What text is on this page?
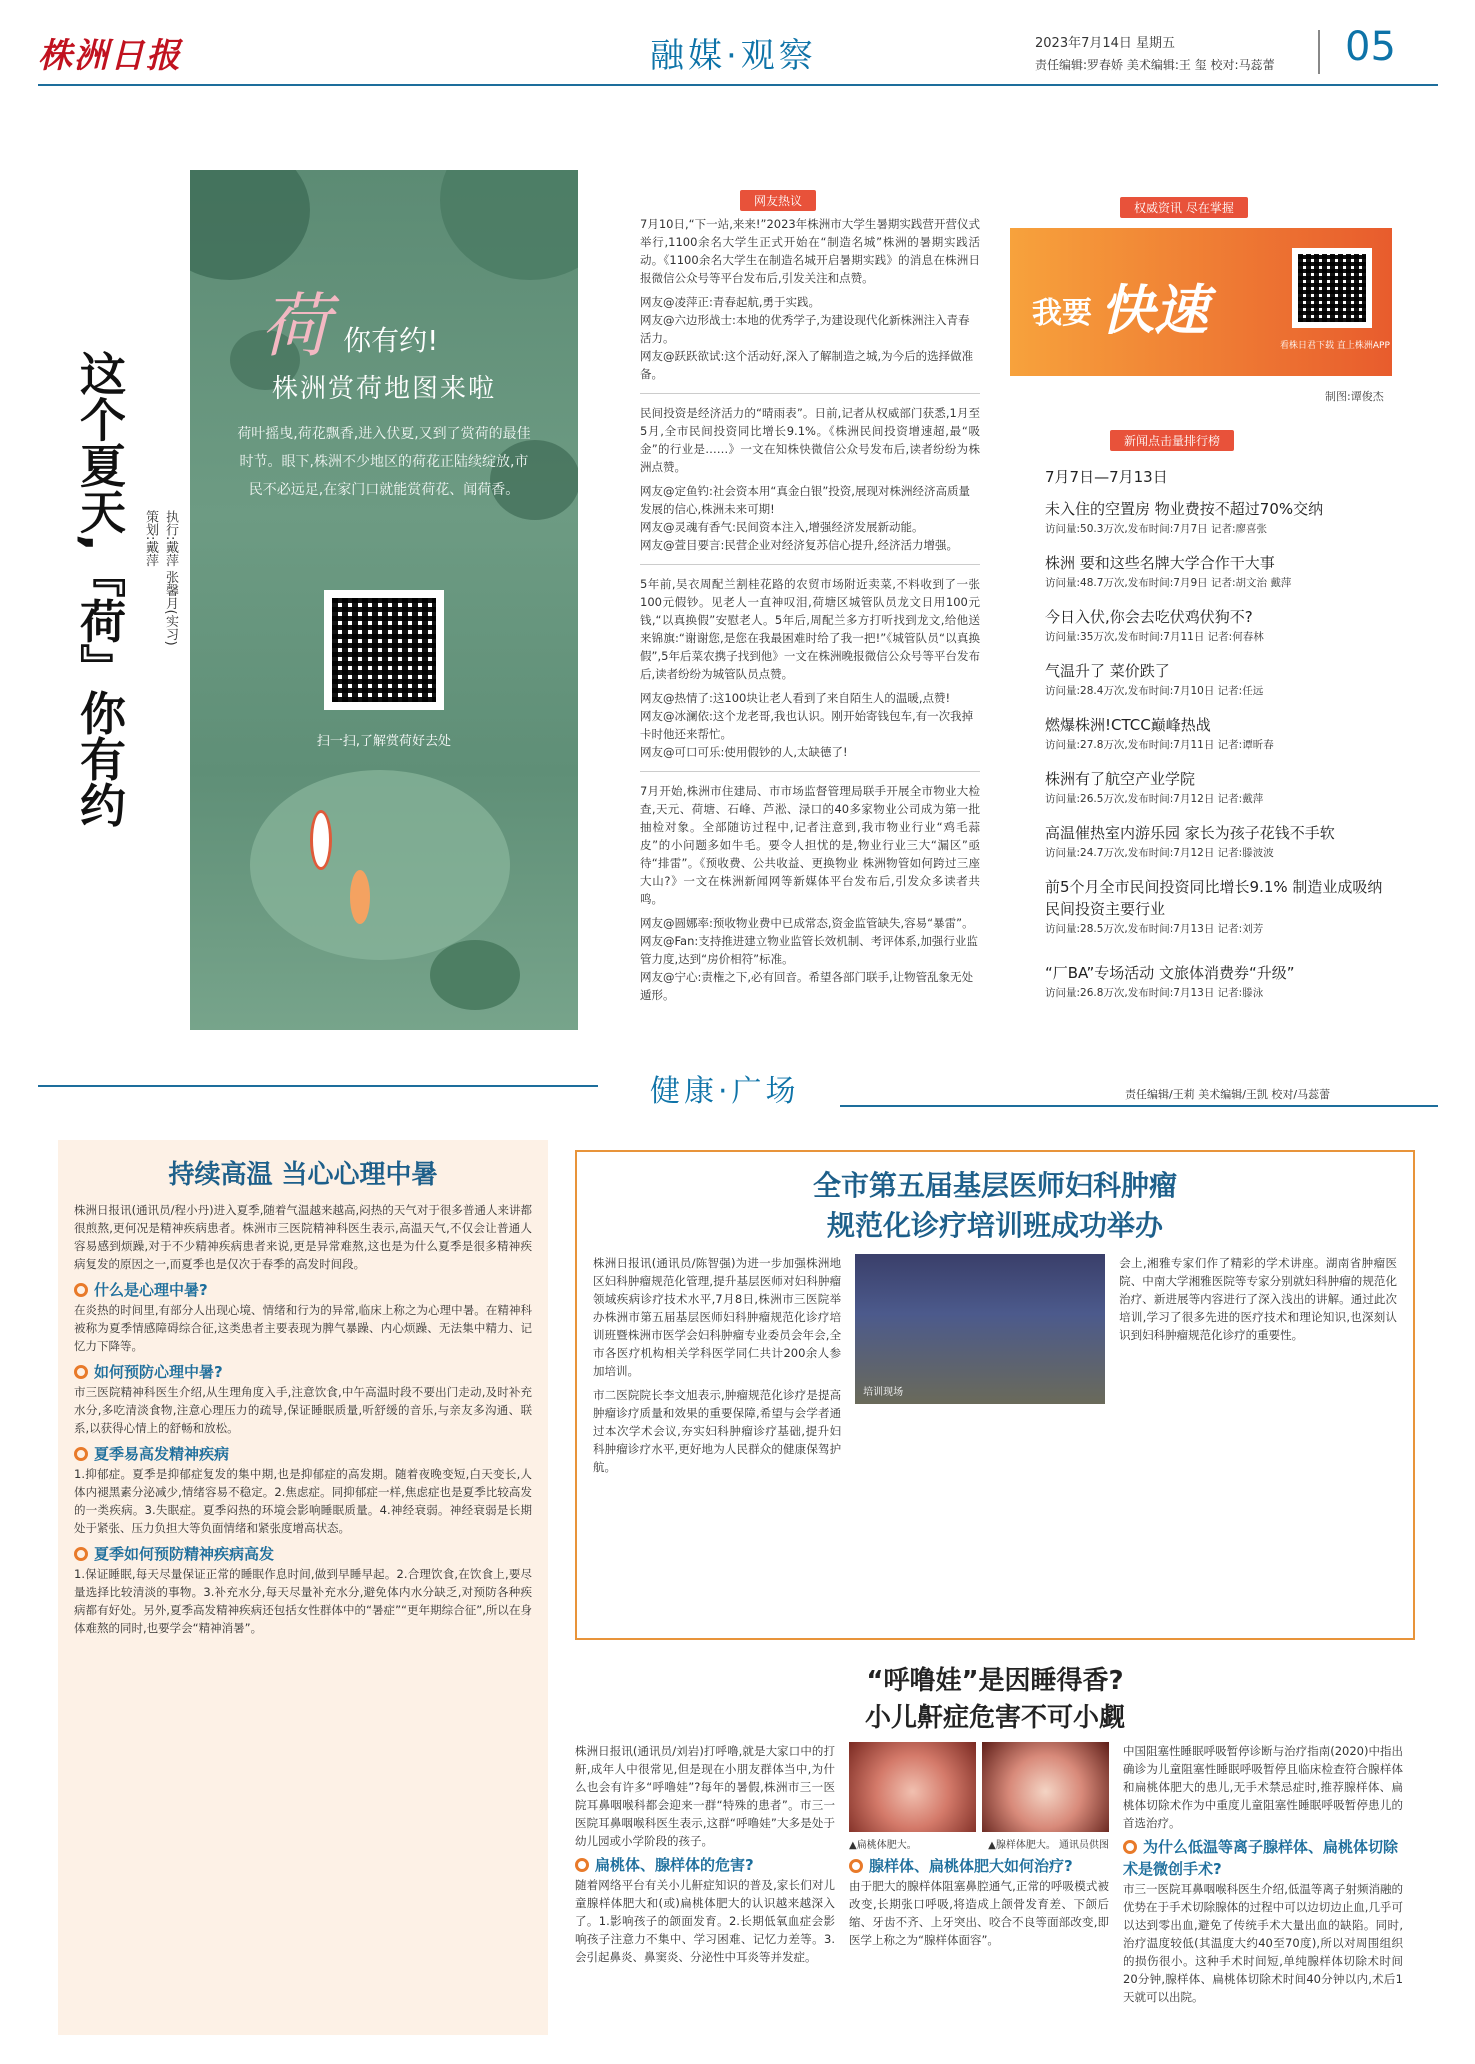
株洲日报	融媒·观察	2023年7月14日 星期五
责任编辑:罗春娇 美术编辑:王 玺 校对:马蕊蕾 05
这个夏天,『荷』你有约	执行:戴萍 张馨月(实习)
策划:戴萍
荷 你有约!
株洲赏荷地图来啦
荷叶摇曳,荷花飘香,进入伏夏,又到了赏荷的最佳时节。眼下,株洲不少地区的荷花正陆续绽放,市民不必远足,在家门口就能赏荷花、闻荷香。
扫一扫,了解赏荷好去处
网友热议

7月10日,“下一站,来来!”2023年株洲市大学生暑期实践营开营仪式举行,1100余名大学生正式开始在“制造名城”株洲的暑期实践活动。《1100余名大学生在制造名城开启暑期实践》的消息在株洲日报微信公众号等平台发布后,引发关注和点赞。

网友@凌萍正:青春起航,勇于实践。

网友@六边形战士:本地的优秀学子,为建设现代化新株洲注入青春活力。

网友@跃跃欲试:这个活动好,深入了解制造之城,为今后的选择做准备。

民间投资是经济活力的“晴雨表”。日前,记者从权威部门获悉,1月至5月,全市民间投资同比增长9.1%。《株洲民间投资增速超,最“吸金”的行业是……》一文在知株快微信公众号发布后,读者纷纷为株洲点赞。

网友@定鱼钓:社会资本用“真金白银”投资,展现对株洲经济高质量发展的信心,株洲未来可期!

网友@灵魂有香气:民间资本注入,增强经济发展新动能。

网友@萱目要言:民营企业对经济复苏信心提升,经济活力增强。

5年前,吴衣周配兰割桂花路的农贸市场附近卖菜,不料收到了一张100元假钞。见老人一直神叹泪,荷塘区城管队员龙文日用100元钱,“以真换假”安慰老人。5年后,周配兰多方打听找到龙文,给他送来锦旗:“谢谢您,是您在我最困难时给了我一把!”《城管队员“以真换假”,5年后菜农携子找到他》一文在株洲晚报微信公众号等平台发布后,读者纷纷为城管队员点赞。

网友@热情了:这100块让老人看到了来自陌生人的温暖,点赞!

网友@冰澜依:这个龙老哥,我也认识。刚开始寄钱包车,有一次我掉卡时他还来帮忙。

网友@可口可乐:使用假钞的人,太缺德了!

7月开始,株洲市住建局、市市场监督管理局联手开展全市物业大检查,天元、荷塘、石峰、芦淞、渌口的40多家物业公司成为第一批抽检对象。全部随访过程中,记者注意到,我市物业行业“鸡毛蒜皮”的小问题多如牛毛。要令人担忧的是,物业行业三大“漏区”亟待“排雷”。《预收费、公共收益、更换物业 株洲物管如何跨过三座大山?》一文在株洲新闻网等新媒体平台发布后,引发众多读者共鸣。

网友@圆娜率:预收物业费中已成常态,资金监管缺失,容易“暴雷”。

网友@Fan:支持推进建立物业监管长效机制、考评体系,加强行业监管力度,达到“房价相符”标准。

网友@宁心:责権之下,必有回音。希望各部门联手,让物管乱象无处遁形。

权威资讯 尽在掌握
我要 快速
看株日君下载 直上株洲APP
制图:谭俊杰
新闻点击量排行榜
7月7日—7月13日
未入住的空置房 物业费按不超过70%交纳
访问量:50.3万次,发布时间:7月7日 记者:廖喜张
株洲 要和这些名牌大学合作干大事
访问量:48.7万次,发布时间:7月9日 记者:胡文治 戴萍
今日入伏,你会去吃伏鸡伏狗不?
访问量:35万次,发布时间:7月11日 记者:何春林
气温升了 菜价跌了
访问量:28.4万次,发布时间:7月10日 记者:任远
燃爆株洲!CTCC巅峰热战
访问量:27.8万次,发布时间:7月11日 记者:谭昕春
株洲有了航空产业学院
访问量:26.5万次,发布时间:7月12日 记者:戴萍
高温催热室内游乐园 家长为孩子花钱不手软
访问量:24.7万次,发布时间:7月12日 记者:滕波波
前5个月全市民间投资同比增长9.1% 制造业成吸纳民间投资主要行业
访问量:28.5万次,发布时间:7月13日 记者:刘芳
“厂BA”专场活动 文旅体消费券“升级”
访问量:26.8万次,发布时间:7月13日 记者:滕泳
健康·广场	责任编辑/王莉 美术编辑/王凯 校对/马蕊蕾
持续高温 当心心理中暑

株洲日报讯(通讯员/程小丹)进入夏季,随着气温越来越高,闷热的天气对于很多普通人来讲都很煎熬,更何况是精神疾病患者。株洲市三医院精神科医生表示,高温天气,不仅会让普通人容易感到烦躁,对于不少精神疾病患者来说,更是异常难熬,这也是为什么夏季是很多精神疾病复发的原因之一,而夏季也是仅次于春季的高发时间段。

什么是心理中暑?

在炎热的时间里,有部分人出现心境、情绪和行为的异常,临床上称之为心理中暑。在精神科被称为夏季情感障碍综合征,这类患者主要表现为脾气暴躁、内心烦躁、无法集中精力、记忆力下降等。

如何预防心理中暑?

市三医院精神科医生介绍,从生理角度入手,注意饮食,中午高温时段不要出门走动,及时补充水分,多吃清淡食物,注意心理压力的疏导,保证睡眠质量,听舒缓的音乐,与亲友多沟通、联系,以获得心情上的舒畅和放松。

夏季易高发精神疾病

1.抑郁症。夏季是抑郁症复发的集中期,也是抑郁症的高发期。随着夜晚变短,白天变长,人体内褪黑素分泌减少,情绪容易不稳定。2.焦虑症。同抑郁症一样,焦虑症也是夏季比较高发的一类疾病。3.失眠症。夏季闷热的环境会影响睡眠质量。4.神经衰弱。神经衰弱是长期处于紧张、压力负担大等负面情绪和紧张度增高状态。

夏季如何预防精神疾病高发

1.保证睡眠,每天尽量保证正常的睡眠作息时间,做到早睡早起。2.合理饮食,在饮食上,要尽量选择比较清淡的事物。3.补充水分,每天尽量补充水分,避免体内水分缺乏,对预防各种疾病都有好处。另外,夏季高发精神疾病还包括女性群体中的“暑症”“更年期综合征”,所以在身体难熬的同时,也要学会“精神消暑”。

全市第五届基层医师妇科肿瘤
规范化诊疗培训班成功举办

株洲日报讯(通讯员/陈智强)为进一步加强株洲地区妇科肿瘤规范化管理,提升基层医师对妇科肿瘤领域疾病诊疗技术水平,7月8日,株洲市三医院举办株洲市第五届基层医师妇科肿瘤规范化诊疗培训班暨株洲市医学会妇科肿瘤专业委员会年会,全市各医疗机构相关学科医学同仁共计200余人参加培训。

市二医院院长李文旭表示,肿瘤规范化诊疗是提高肿瘤诊疗质量和效果的重要保障,希望与会学者通过本次学术会议,夯实妇科肿瘤诊疗基础,提升妇科肿瘤诊疗水平,更好地为人民群众的健康保驾护航。

培训现场

会上,湘雅专家们作了精彩的学术讲座。湖南省肿瘤医院、中南大学湘雅医院等专家分别就妇科肿瘤的规范化治疗、新进展等内容进行了深入浅出的讲解。通过此次培训,学习了很多先进的医疗技术和理论知识,也深刻认识到妇科肿瘤规范化诊疗的重要性。

“呼噜娃”是因睡得香?
小儿鼾症危害不可小觑

株洲日报讯(通讯员/刘岩)打呼噜,就是大家口中的打鼾,成年人中很常见,但是现在小朋友群体当中,为什么也会有许多“呼噜娃”?每年的暑假,株洲市三一医院耳鼻咽喉科都会迎来一群“特殊的患者”。市三一医院耳鼻咽喉科医生表示,这群“呼噜娃”大多是处于幼儿园或小学阶段的孩子。

扁桃体、腺样体的危害?

随着网络平台有关小儿鼾症知识的普及,家长们对儿童腺样体肥大和(或)扁桃体肥大的认识越来越深入了。1.影响孩子的颌面发育。2.长期低氧血症会影响孩子注意力不集中、学习困难、记忆力差等。3.会引起鼻炎、鼻窦炎、分泌性中耳炎等并发症。

▲扁桃体肥大。	▲腺样体肥大。 通讯员供图
腺样体、扁桃体肥大如何治疗?

由于肥大的腺样体阻塞鼻腔通气,正常的呼吸模式被改变,长期张口呼吸,将造成上颌骨发育差、下颌后缩、牙齿不齐、上牙突出、咬合不良等面部改变,即医学上称之为“腺样体面容”。

中国阻塞性睡眠呼吸暂停诊断与治疗指南(2020)中指出确诊为儿童阻塞性睡眠呼吸暂停且临床检查符合腺样体和扁桃体肥大的患儿,无手术禁忌症时,推荐腺样体、扁桃体切除术作为中重度儿童阻塞性睡眠呼吸暂停患儿的首选治疗。

为什么低温等离子腺样体、扁桃体切除术是微创手术?

市三一医院耳鼻咽喉科医生介绍,低温等离子射频消融的优势在于手术切除腺体的过程中可以边切边止血,几乎可以达到零出血,避免了传统手术大量出血的缺陷。同时,治疗温度较低(其温度大约40至70度),所以对周围组织的损伤很小。这种手术时间短,单纯腺样体切除术时间20分钟,腺样体、扁桃体切除术时间40分钟以内,术后1天就可以出院。
